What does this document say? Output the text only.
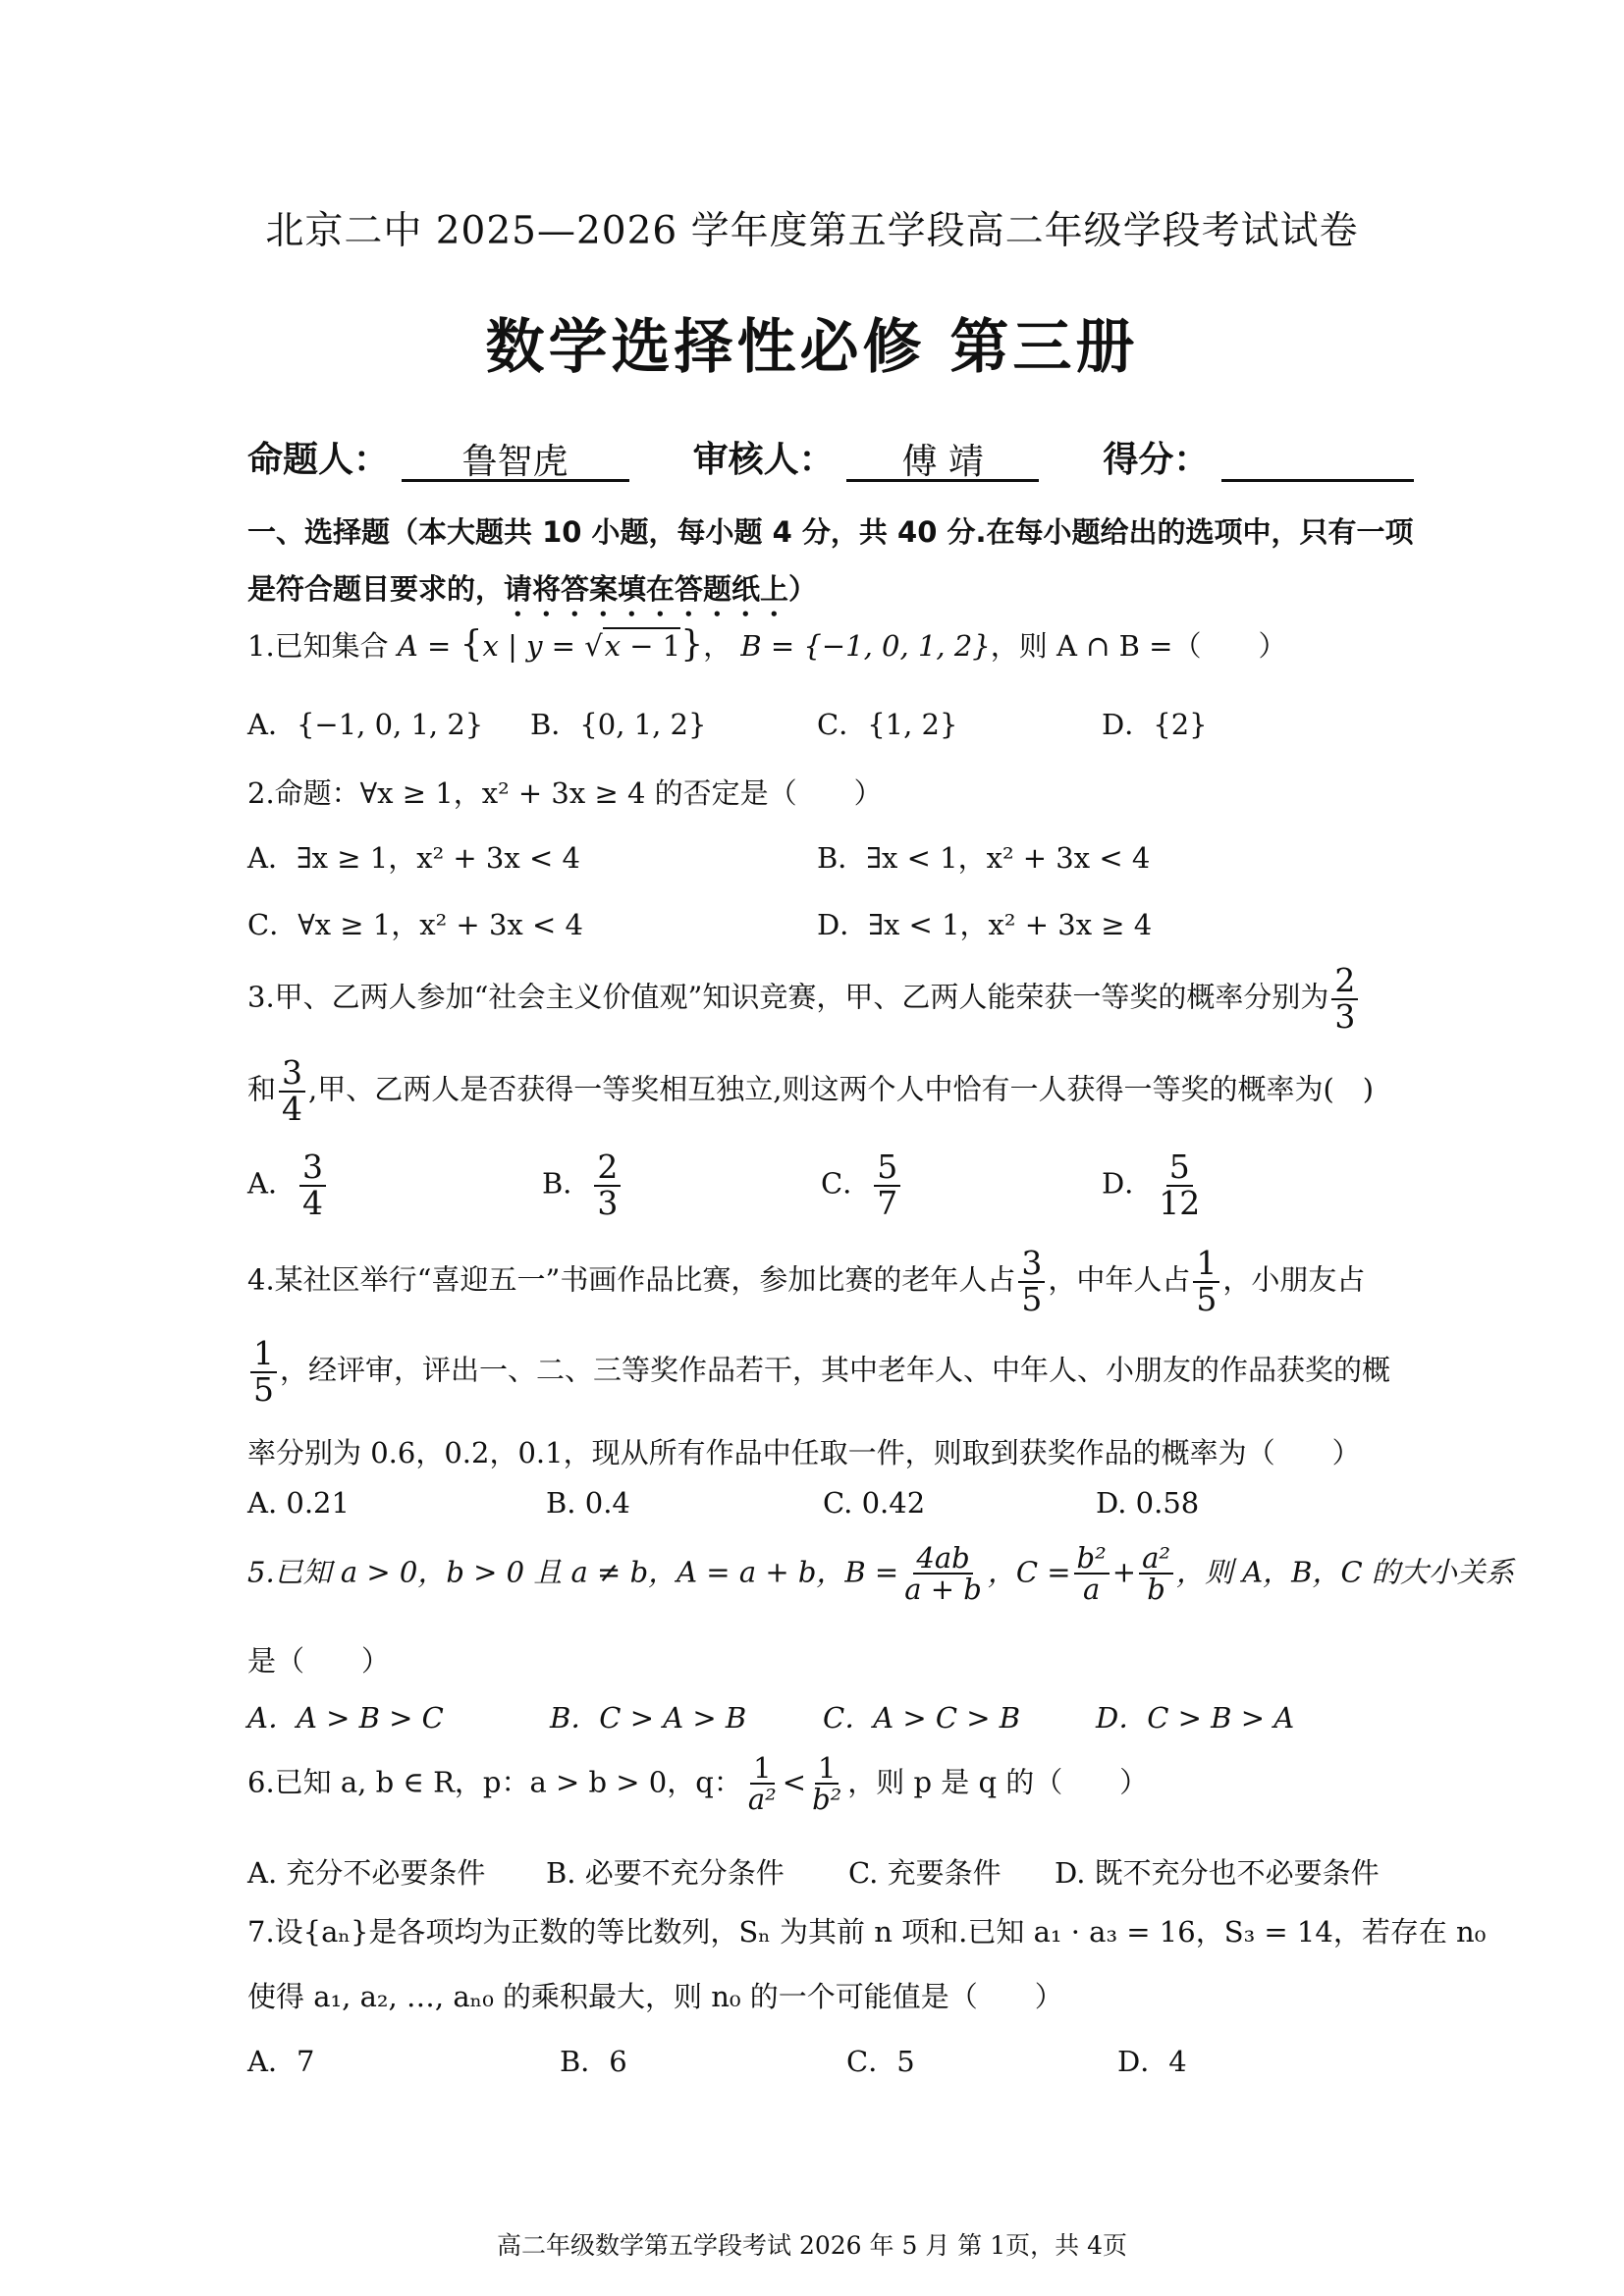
北京二中 2025—2026 学年度第五学段高二年级学段考试试卷
数学选择性必修 第三册
命题人： 鲁智虎	审核人： 傅 靖	得分：
一、选择题（本大题共 10 小题，每小题 4 分，共 40 分.在每小题给出的选项中，只有一项
是符合题目要求的，请将答案填在答题纸上）
1.已知集合 A = {x | y = √x − 1}， B = {−1, 0, 1, 2}，则 A ∩ B =（　　）
A．{−1, 0, 1, 2} B．{0, 1, 2}	C．{1, 2}	D．{2}
2.命题：∀x ≥ 1，x² + 3x ≥ 4 的否定是（　　）
A．∃x ≥ 1，x² + 3x < 4	B．∃x < 1，x² + 3x < 4
C．∀x ≥ 1，x² + 3x < 4	D．∃x < 1，x² + 3x ≥ 4
3.甲、乙两人参加“社会主义价值观”知识竞赛，甲、乙两人能荣获一等奖的概率分别为 $\frac{2}{3}$
和 $\frac{3}{4}$ ,甲、乙两人是否获得一等奖相互独立,则这两个人中恰有一人获得一等奖的概率为(　)
A． $\frac{3}{4}$	B． $\frac{2}{3}$	C． $\frac{5}{7}$	D． $\frac{5}{12}$
4.某社区举行“喜迎五一”书画作品比赛，参加比赛的老年人占 $\frac{3}{5}$ ，中年人占 $\frac{1}{5}$ ，小朋友占
$\frac{1}{5}$ ，经评审，评出一、二、三等奖作品若干，其中老年人、中年人、小朋友的作品获奖的概
率分别为 0.6，0.2，0.1，现从所有作品中任取一件，则取到获奖作品的概率为（　　）
A. 0.21	B. 0.4	C. 0.42	D. 0.58
5.已知 a > 0，b > 0 且 a ≠ b，A = a + b，$B = \frac{4ab}{a + b}$ ，$C = \frac{\text{b²}}{a} + \frac{\text{a²}}{b}$ ，则 A，B，C 的大小关系
是（　　）
A．A > B > C	B．C > A > B	C．A > C > B	D．C > B > A
6.已知 a, b ∈ R，p：a > b > 0，q： $\frac{1}{\text{a²}} < \frac{1}{\text{b²}}$ ，则 p 是 q 的（　　）
A. 充分不必要条件 B. 必要不充分条件 C. 充要条件 D. 既不充分也不必要条件
7.设{aₙ}是各项均为正数的等比数列，Sₙ 为其前 n 项和.已知 a₁ · a₃ = 16，S₃ = 14，若存在 n₀
使得 a₁, a₂, …, aₙ₀ 的乘积最大，则 n₀ 的一个可能值是（　　）
A．7	B．6	C．5	D．4
高二年级数学第五学段考试 2026 年 5 月 第 1页，共 4页
